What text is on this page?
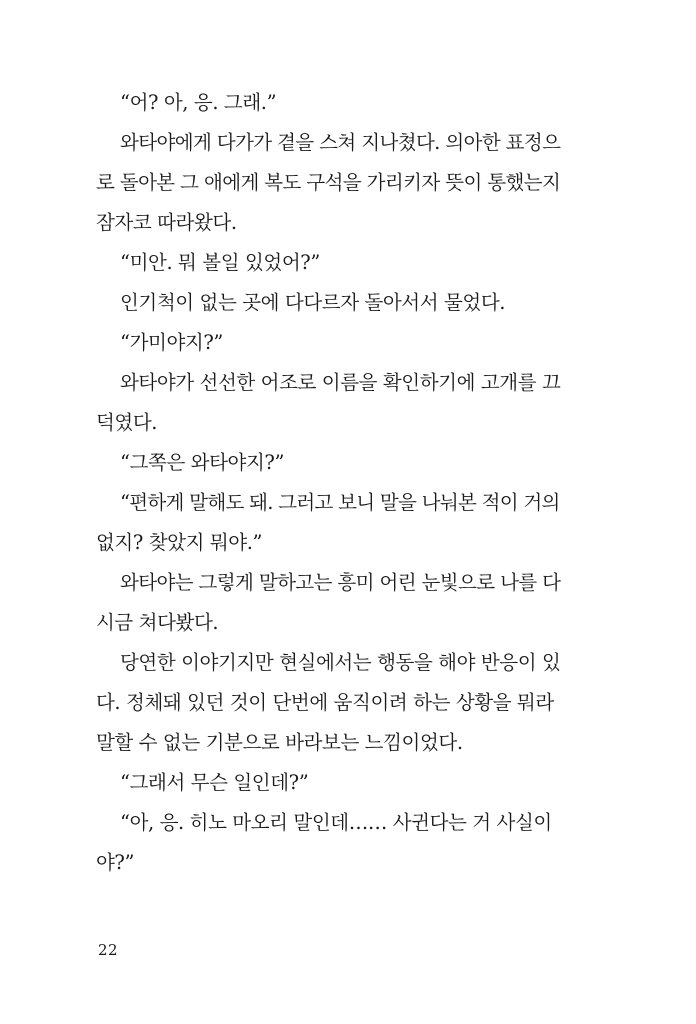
“어? 아, 응. 그래.”
와타야에게 다가가 곁을 스쳐 지나쳤다. 의아한 표정으
로 돌아본 그 애에게 복도 구석을 가리키자 뜻이 통했는지
잠자코 따라왔다.
“미안. 뭐 볼일 있었어?”
인기척이 없는 곳에 다다르자 돌아서서 물었다.
“가미야지?”
와타야가 선선한 어조로 이름을 확인하기에 고개를 끄
덕였다.
“그쪽은 와타야지?”
“편하게 말해도 돼. 그러고 보니 말을 나눠본 적이 거의
없지? 찾았지 뭐야.”
와타야는 그렇게 말하고는 흥미 어린 눈빛으로 나를 다
시금 쳐다봤다.
당연한 이야기지만 현실에서는 행동을 해야 반응이 있
다. 정체돼 있던 것이 단번에 움직이려 하는 상황을 뭐라
말할 수 없는 기분으로 바라보는 느낌이었다.
“그래서 무슨 일인데?”
“아, 응. 히노 마오리 말인데…… 사귄다는 거 사실이
야?”
22
